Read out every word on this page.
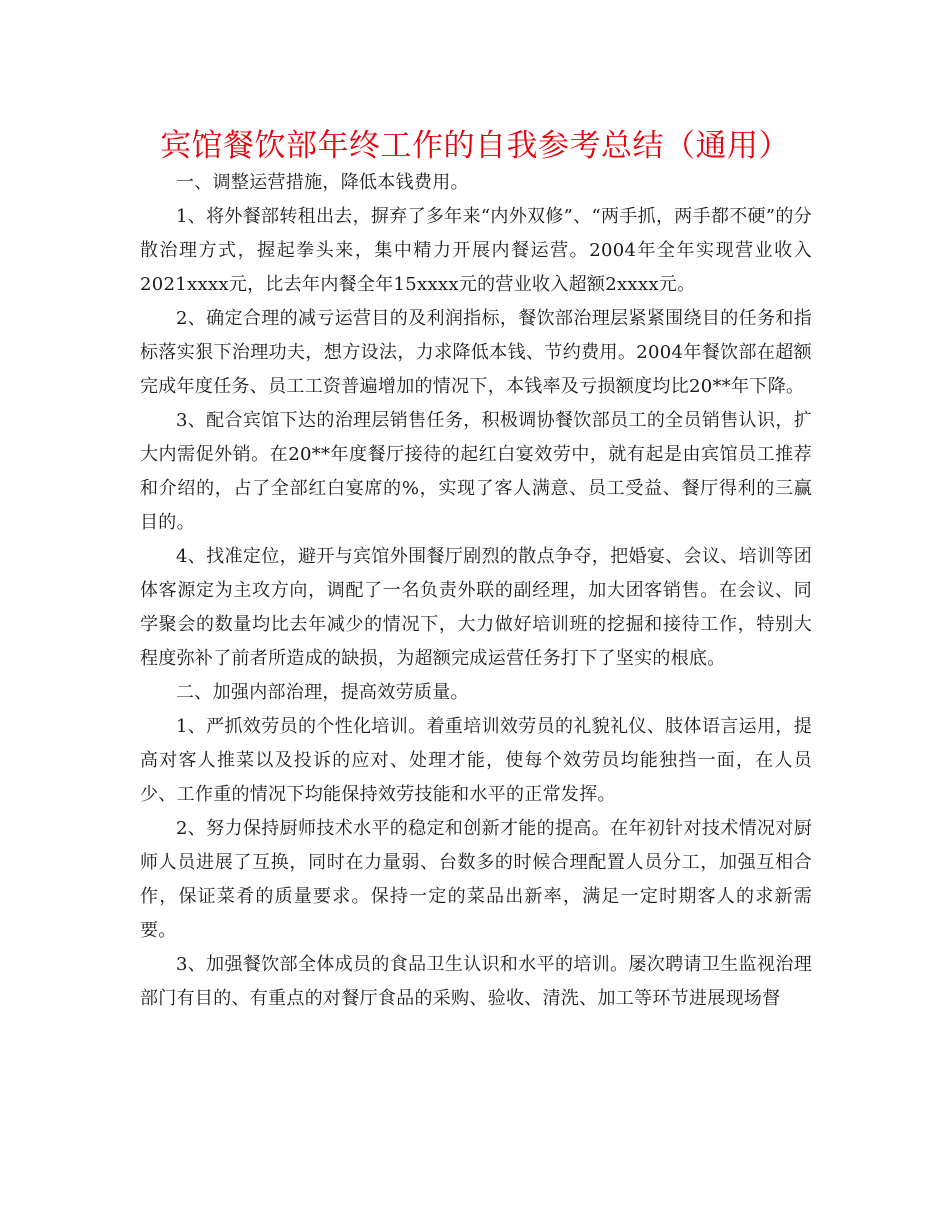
宾馆餐饮部年终工作的自我参考总结（通用）

一、调整运营措施，降低本钱费用。

1、将外餐部转租出去，摒弃了多年来“内外双修”、“两手抓，两手都不硬”的分散治理方式，握起拳头来，集中精力开展内餐运营。2004年全年实现营业收入2021xxxx元，比去年内餐全年15xxxx元的营业收入超额2xxxx元。

2、确定合理的减亏运营目的及利润指标，餐饮部治理层紧紧围绕目的任务和指标落实狠下治理功夫，想方设法，力求降低本钱、节约费用。2004年餐饮部在超额完成年度任务、员工工资普遍增加的情况下，本钱率及亏损额度均比20**年下降。

3、配合宾馆下达的治理层销售任务，积极调协餐饮部员工的全员销售认识，扩大内需促外销。在20**年度餐厅接待的起红白宴效劳中，就有起是由宾馆员工推荐和介绍的，占了全部红白宴席的%，实现了客人满意、员工受益、餐厅得利的三赢目的。

4、找准定位，避开与宾馆外围餐厅剧烈的散点争夺，把婚宴、会议、培训等团体客源定为主攻方向，调配了一名负责外联的副经理，加大团客销售。在会议、同学聚会的数量均比去年减少的情况下，大力做好培训班的挖掘和接待工作，特别大程度弥补了前者所造成的缺损，为超额完成运营任务打下了坚实的根底。

二、加强内部治理，提高效劳质量。

1、严抓效劳员的个性化培训。着重培训效劳员的礼貌礼仪、肢体语言运用，提高对客人推菜以及投诉的应对、处理才能，使每个效劳员均能独挡一面，在人员少、工作重的情况下均能保持效劳技能和水平的正常发挥。

2、努力保持厨师技术水平的稳定和创新才能的提高。在年初针对技术情况对厨师人员进展了互换，同时在力量弱、台数多的时候合理配置人员分工，加强互相合作，保证菜肴的质量要求。保持一定的菜品出新率，满足一定时期客人的求新需要。

3、加强餐饮部全体成员的食品卫生认识和水平的培训。屡次聘请卫生监视治理部门有目的、有重点的对餐厅食品的采购、验收、清洗、加工等环节进展现场督
